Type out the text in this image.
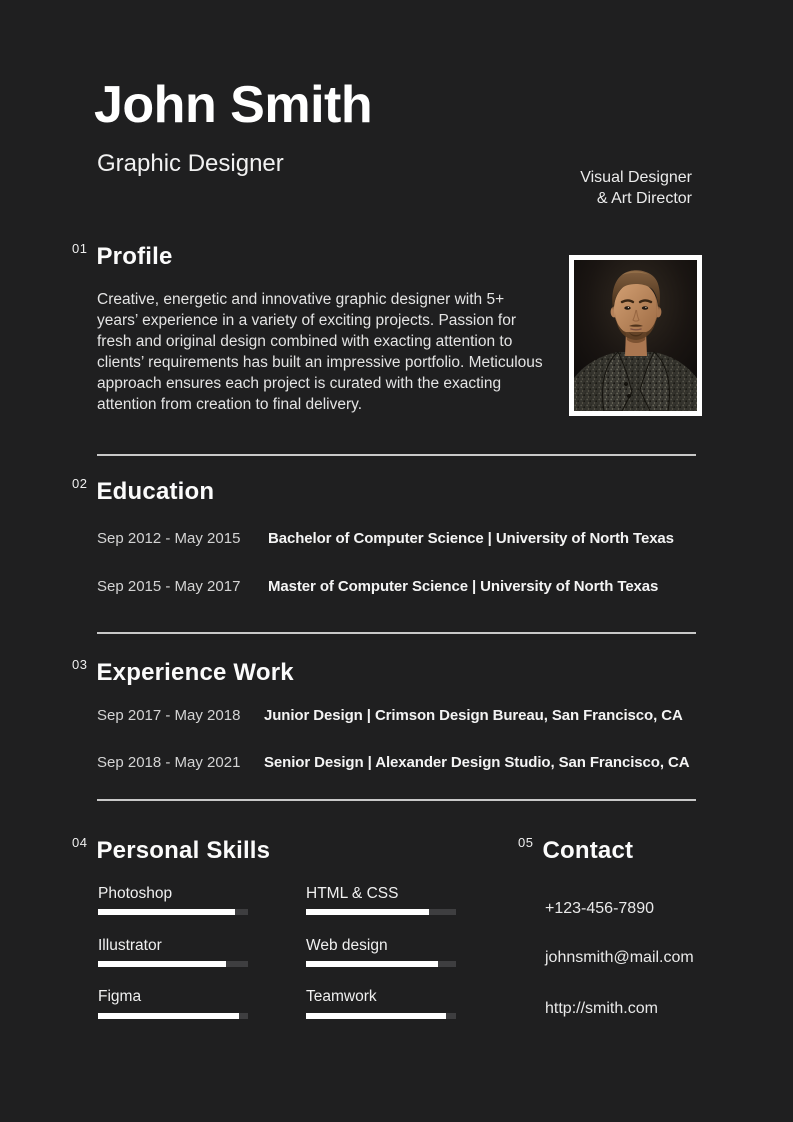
John Smith
Graphic Designer
Visual Designer
& Art Director
01 Profile

Creative, energetic and innovative graphic designer with 5+ years’ experience in a variety of exciting projects. Passion for fresh and original design combined with exacting attention to clients’ requirements has built an impressive portfolio. Meticulous approach ensures each project is curated with the exacting attention from creation to final delivery.

02 Education
Sep 2012 - May 2015 Bachelor of Computer Science | University of North Texas
Sep 2015 - May 2017 Master of Computer Science | University of North Texas
03 Experience Work
Sep 2017 - May 2018 Junior Design | Crimson Design Bureau, San Francisco, CA
Sep 2018 - May 2021 Senior Design | Alexander Design Studio, San Francisco, CA
04 Personal Skills
Photoshop
Illustrator
Figma
HTML & CSS
Web design
Teamwork
05 Contact
+123-456-7890
johnsmith@mail.com
http://smith.com
